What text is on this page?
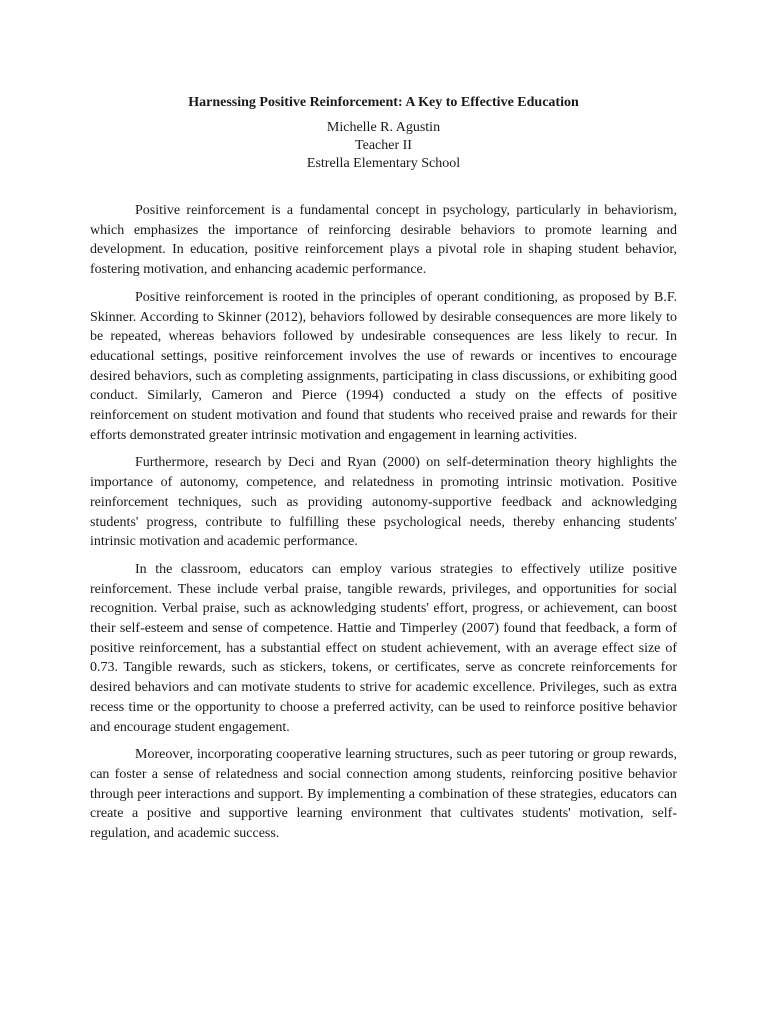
Harnessing Positive Reinforcement: A Key to Effective Education
Michelle R. Agustin
Teacher II
Estrella Elementary School

Positive reinforcement is a fundamental concept in psychology, particularly in behaviorism, which emphasizes the importance of reinforcing desirable behaviors to promote learning and development. In education, positive reinforcement plays a pivotal role in shaping student behavior, fostering motivation, and enhancing academic performance.

Positive reinforcement is rooted in the principles of operant conditioning, as proposed by B.F. Skinner. According to Skinner (2012), behaviors followed by desirable consequences are more likely to be repeated, whereas behaviors followed by undesirable consequences are less likely to recur. In educational settings, positive reinforcement involves the use of rewards or incentives to encourage desired behaviors, such as completing assignments, participating in class discussions, or exhibiting good conduct. Similarly, Cameron and Pierce (1994) conducted a study on the effects of positive reinforcement on student motivation and found that students who received praise and rewards for their efforts demonstrated greater intrinsic motivation and engagement in learning activities.

Furthermore, research by Deci and Ryan (2000) on self-determination theory highlights the importance of autonomy, competence, and relatedness in promoting intrinsic motivation. Positive reinforcement techniques, such as providing autonomy-supportive feedback and acknowledging students' progress, contribute to fulfilling these psychological needs, thereby enhancing students' intrinsic motivation and academic performance.

In the classroom, educators can employ various strategies to effectively utilize positive reinforcement. These include verbal praise, tangible rewards, privileges, and opportunities for social recognition. Verbal praise, such as acknowledging students' effort, progress, or achievement, can boost their self-esteem and sense of competence. Hattie and Timperley (2007) found that feedback, a form of positive reinforcement, has a substantial effect on student achievement, with an average effect size of 0.73. Tangible rewards, such as stickers, tokens, or certificates, serve as concrete reinforcements for desired behaviors and can motivate students to strive for academic excellence. Privileges, such as extra recess time or the opportunity to choose a preferred activity, can be used to reinforce positive behavior and encourage student engagement.

Moreover, incorporating cooperative learning structures, such as peer tutoring or group rewards, can foster a sense of relatedness and social connection among students, reinforcing positive behavior through peer interactions and support. By implementing a combination of these strategies, educators can create a positive and supportive learning environment that cultivates students' motivation, self-regulation, and academic success.
